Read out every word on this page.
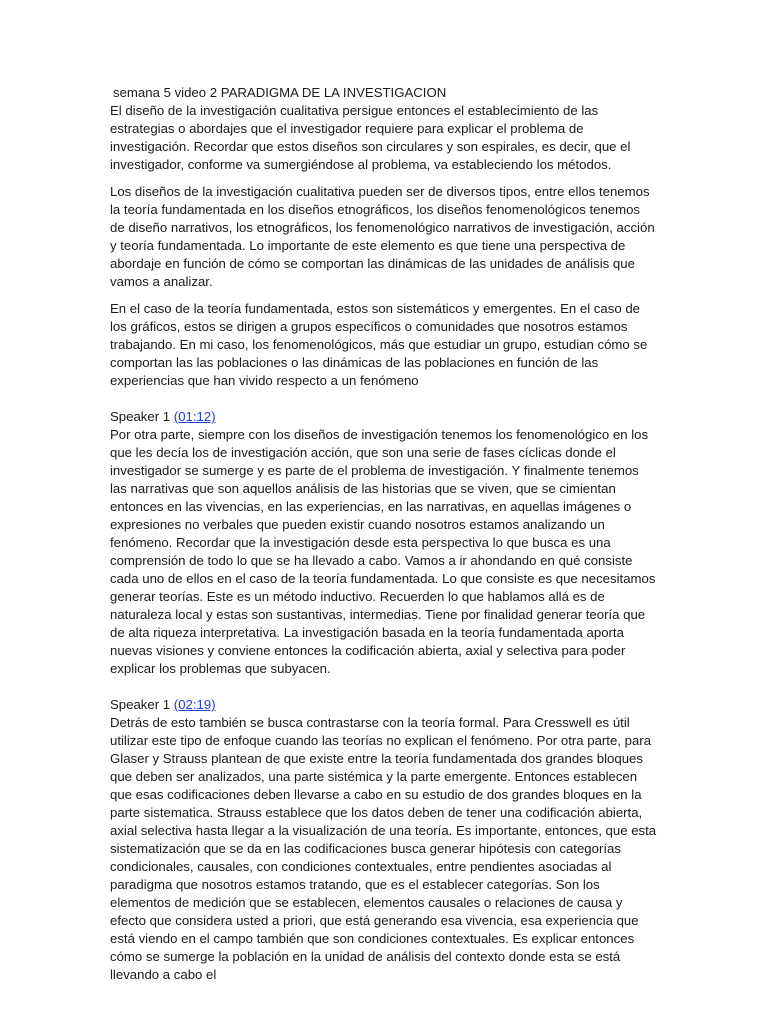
semana 5 video 2 PARADIGMA DE LA INVESTIGACION

El diseño de la investigación cualitativa persigue entonces el establecimiento de las estrategias o abordajes que el investigador requiere para explicar el problema de investigación. Recordar que estos diseños son circulares y son espirales, es decir, que el investigador, conforme va sumergiéndose al problema, va estableciendo los métodos.

Los diseños de la investigación cualitativa pueden ser de diversos tipos, entre ellos tenemos la teoría fundamentada en los diseños etnográficos, los diseños fenomenológicos tenemos de diseño narrativos, los etnográficos, los fenomenológico narrativos de investigación, acción y teoría fundamentada. Lo importante de este elemento es que tiene una perspectiva de abordaje en función de cómo se comportan las dinámicas de las unidades de análisis que vamos a analizar.

En el caso de la teoría fundamentada, estos son sistemáticos y emergentes. En el caso de los gráficos, estos se dirigen a grupos específicos o comunidades que nosotros estamos trabajando. En mi caso, los fenomenológicos, más que estudiar un grupo, estudian cómo se comportan las las poblaciones o las dinámicas de las poblaciones en función de las experiencias que han vivido respecto a un fenómeno

Speaker 1 (01:12)

Por otra parte, siempre con los diseños de investigación tenemos los fenomenológico en los que les decía los de investigación acción, que son una serie de fases cíclicas donde el investigador se sumerge y es parte de el problema de investigación. Y finalmente tenemos las narrativas que son aquellos análisis de las historias que se viven, que se cimientan entonces en las vivencias, en las experiencias, en las narrativas, en aquellas imágenes o expresiones no verbales que pueden existir cuando nosotros estamos analizando un fenómeno. Recordar que la investigación desde esta perspectiva lo que busca es una comprensión de todo lo que se ha llevado a cabo. Vamos a ir ahondando en qué consiste cada uno de ellos en el caso de la teoría fundamentada. Lo que consiste es que necesitamos generar teorías. Este es un método inductivo. Recuerden lo que hablamos allá es de naturaleza local y estas son sustantivas, intermedias. Tiene por finalidad generar teoría que de alta riqueza interpretativa. La investigación basada en la teoría fundamentada aporta nuevas visiones y conviene entonces la codificación abierta, axial y selectiva para poder explicar los problemas que subyacen.

Speaker 1 (02:19)

Detrás de esto también se busca contrastarse con la teoría formal. Para Cresswell es útil utilizar este tipo de enfoque cuando las teorías no explican el fenómeno. Por otra parte, para Glaser y Strauss plantean de que existe entre la teoría fundamentada dos grandes bloques que deben ser analizados, una parte sistémica y la parte emergente. Entonces establecen que esas codificaciones deben llevarse a cabo en su estudio de dos grandes bloques en la parte sistematica. Strauss establece que los datos deben de tener una codificación abierta, axial selectiva hasta llegar a la visualización de una teoría. Es importante, entonces, que esta sistematización que se da en las codificaciones busca generar hipótesis con categorías condicionales, causales, con condiciones contextuales, entre pendientes asociadas al paradigma que nosotros estamos tratando, que es el establecer categorías. Son los elementos de medición que se establecen, elementos causales o relaciones de causa y efecto que considera usted a priori, que está generando esa vivencia, esa experiencia que está viendo en el campo también que son condiciones contextuales. Es explicar entonces cómo se sumerge la población en la unidad de análisis del contexto donde esta se está llevando a cabo el
